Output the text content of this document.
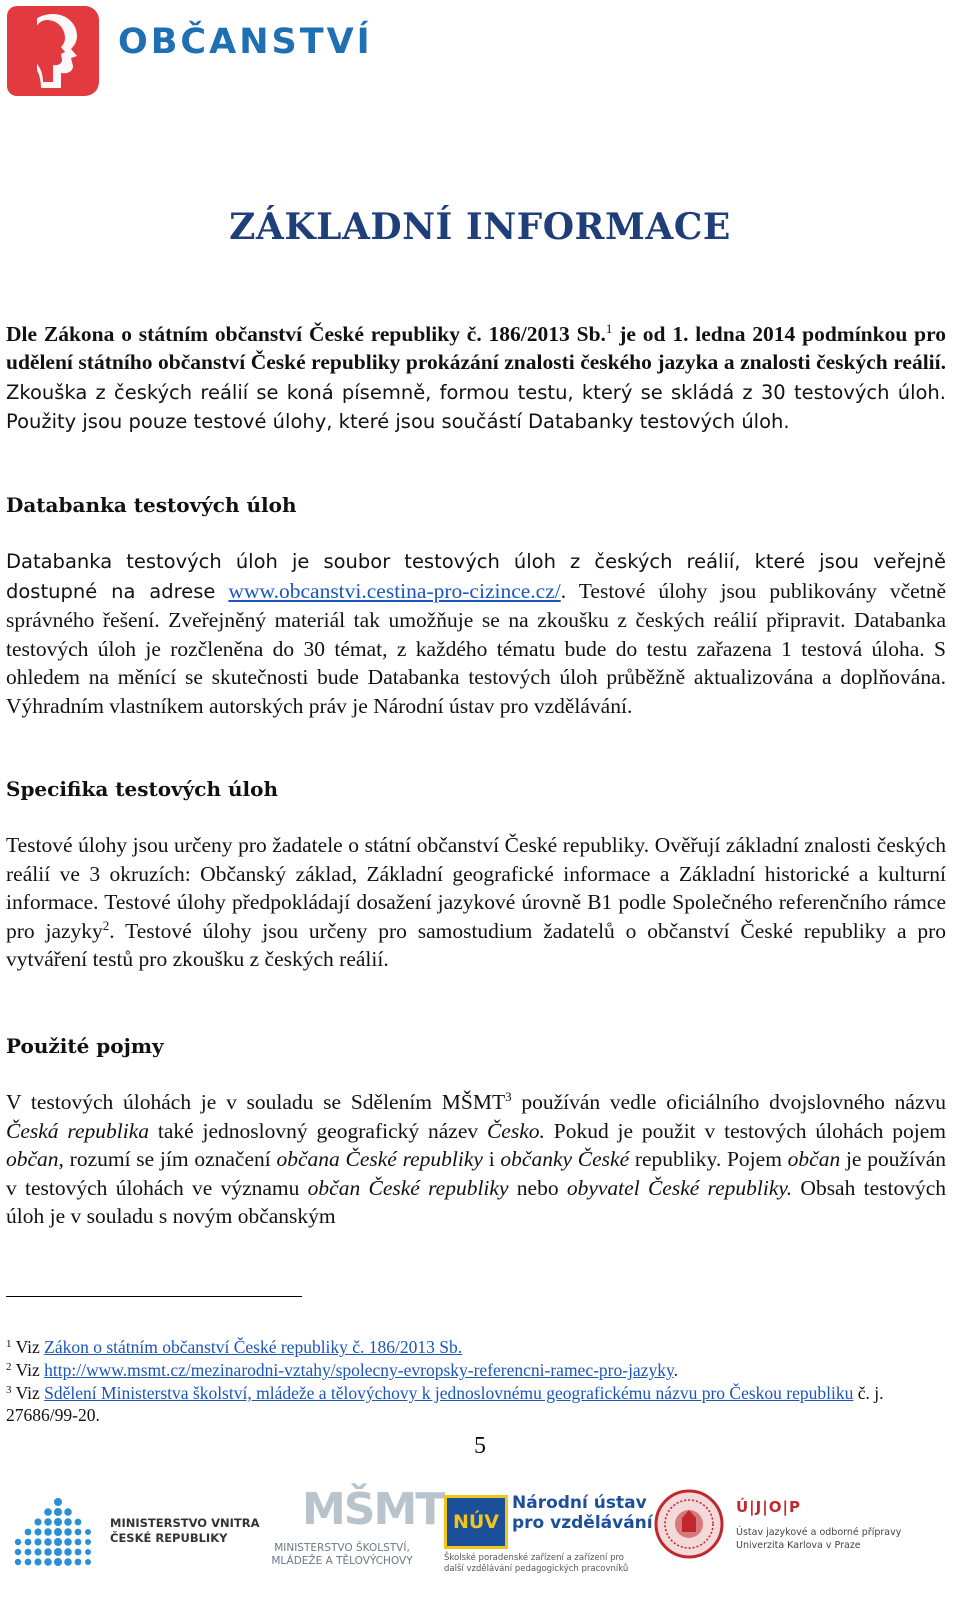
OBČANSTVÍ
ZÁKLADNÍ INFORMACE

Dle Zákona o státním občanství České republiky č. 186/2013 Sb.$^1$ je od 1. ledna 2014 podmínkou pro udělení státního občanství České republiky prokázání znalosti českého jazyka a znalosti českých reálií. Zkouška z českých reálií se koná písemně, formou testu, který se skládá z 30 testových úloh. Použity jsou pouze testové úlohy, které jsou součástí Databanky testových úloh.

Databanka testových úloh

Databanka testových úloh je soubor testových úloh z českých reálií, které jsou veřejně dostupné na adrese www.obcanstvi.cestina-pro-cizince.cz/. Testové úlohy jsou publikovány včetně správného řešení. Zveřejněný materiál tak umožňuje se na zkoušku z českých reálií připravit. Databanka testových úloh je rozčleněna do 30 témat, z každého tématu bude do testu zařazena 1 testová úloha. S ohledem na měnící se skutečnosti bude Databanka testových úloh průběžně aktualizována a doplňována. Výhradním vlastníkem autorských práv je Národní ústav pro vzdělávání.

Specifika testových úloh

Testové úlohy jsou určeny pro žadatele o státní občanství České republiky. Ověřují základní znalosti českých reálií ve 3 okruzích: Občanský základ, Základní geografické informace a Základní historické a kulturní informace. Testové úlohy předpokládají dosažení jazykové úrovně B1 podle Společného referenčního rámce pro jazyky$^2$. Testové úlohy jsou určeny pro samostudium žadatelů o občanství České republiky a pro vytváření testů pro zkoušku z českých reálií.

Použité pojmy

V testových úlohách je v souladu se Sdělením MŠMT$^3$ používán vedle oficiálního dvojslovného názvu Česká republika také jednoslovný geografický název Česko. Pokud je použit v testových úlohách pojem občan, rozumí se jím označení občana České republiky i občanky České republiky. Pojem občan je používán v testových úlohách ve významu občan České republiky nebo obyvatel České republiky. Obsah testových úloh je v souladu s novým občanským

$^1$ Viz Zákon o státním občanství České republiky č. 186/2013 Sb.
$^2$ Viz http://www.msmt.cz/mezinarodni-vztahy/spolecny-evropsky-referencni-ramec-pro-jazyky.
$^3$ Viz Sdělení Ministerstva školství, mládeže a tělovýchovy k jednoslovnému geografickému názvu pro Českou republiku č. j. 27686/99-20.
5
MINISTERSTVO VNITRA
ČESKÉ REPUBLIKY
MŠMT
MINISTERSTVO ŠKOLSTVÍ,
MLÁDEŽE A TĚLOVÝCHOVY
NÚV
Národní ústav
pro vzdělávání
Školské poradenské zařízení a zařízení pro
další vzdělávání pedagogických pracovníků
Ú|J|O|P
Ústav jazykové a odborné přípravy
Univerzita Karlova v Praze
